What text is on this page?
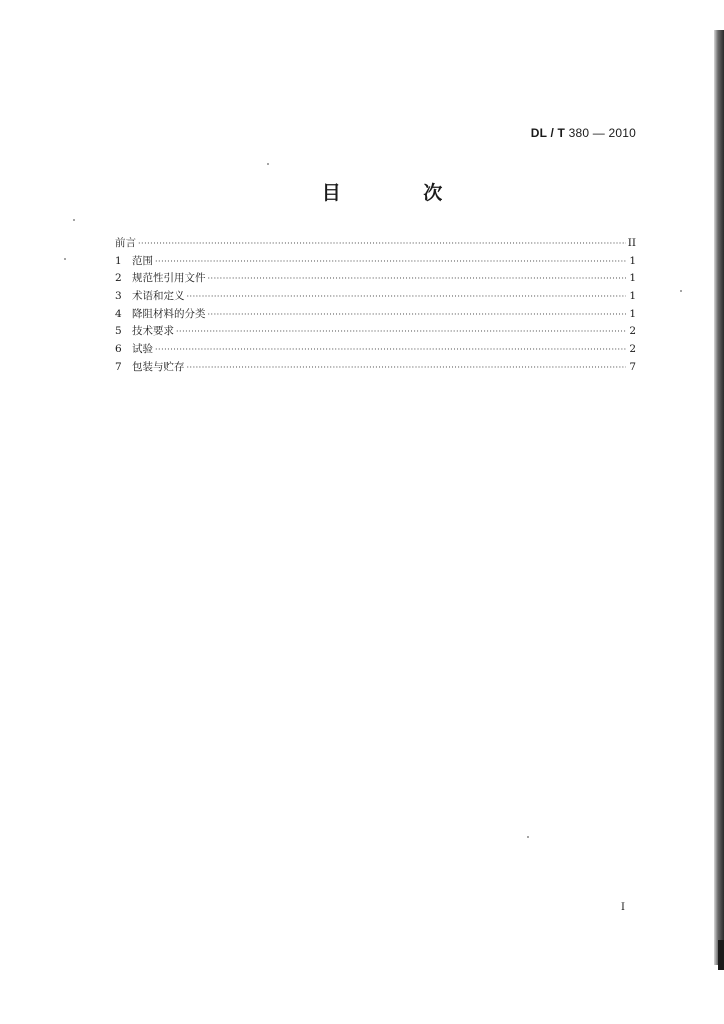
DL / T 380 — 2010
目 次
前言 ·····	II
1 范围 ·····	1
2 规范性引用文件 ·····	1
3 术语和定义 ·····	1
4 降阻材料的分类 ·····	1
5 技术要求 ·····	2
6 试验 ·····	2
7 包装与贮存 ·····	7
I
